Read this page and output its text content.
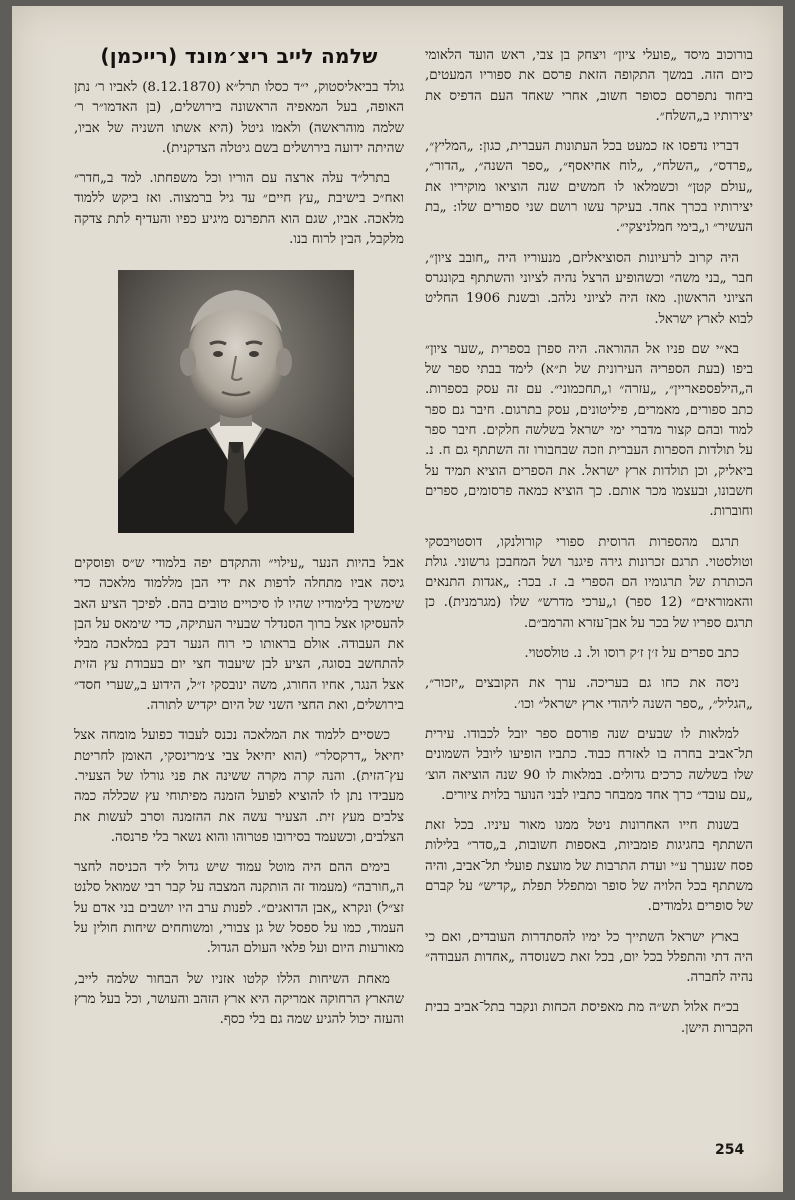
שלמה לייב ריצ׳מונד (רייכמן)	בורוכוב מיסד „פועלי ציון״ ויצחק בן צבי, ראש הועד הלאומי כיום הזה. במשך התקופה הזאת פרסם את ספוריו המעטים, ביחוד נתפרסם כסופר חשוב, אחרי שאחד העם הדפיס את יצירותיו ב„השלח״.

דבריו נדפסו אז כמעט בכל העתונות העברית, כגון: „המליץ״, „פרדס״, „השלח״, „לוח אחיאסף״, „ספר השנה״, „הדור״, „עולם קטן״ וכשמלאו לו חמשים שנה הוציאו מוקיריו את יצירותיו בכרך אחד. בעיקר עשו רושם שני ספורים שלו: „בת העשיר״ ו„בימי חמלניצקי״.

היה קרוב לרעיונות הסוציאליזם, מנעוריו היה „חובב ציון״, חבר „בני משה״ וכשהופיע הרצל נהיה לציוני והשתתף בקונגרס הציוני הראשון. מאז היה לציוני נלהב. ובשנת 1906 החליט לבוא לארץ ישראל.

בא״י שם פניו אל ההוראה. היה ספרן בספרית „שער ציון״ ביפו (בעת הספריה העירונית של ת״א) לימד בבתי ספר של ה„הילפספאריין״, „עזרה״ ו„תחכמוני״. עם זה עסק בספרות. כתב ספורים, מאמרים, פיליטונים, עסק בתרגום. חיבר גם ספר למוד ובהם קצור מדברי ימי ישראל בשלשה חלקים. חיבר ספר על תולדות הספרות העברית וזכה שבחבורו זה השתתף גם ח. נ. ביאליק, וכן תולדות ארץ ישראל. את הספרים הוציא תמיד על חשבונו, ובעצמו מכר אותם. כך הוציא כמאה פרסומים, ספרים וחוברות.

תרגם מהספרות הרוסית ספורי קורולנקו, דוסטויבסקי וטולסטוי. תרגם זכרונות גירה פיגנר ושל המחבכן גרשוני. גולת הכותרת של תרגומיו הם הספרי ב. ז. בכר: „אגדות התנאים והאמוראים״ (12 ספר) ו„ערכי מדרש״ שלו (מגרמנית). כן תרגם ספריו של בכר על אבן־עזרא והרמב״ם.

כתב ספרים על ז׳ן ז׳ק רוסו ול. נ. טולסטוי.

ניסה את כחו גם בעריכה. ערך את הקובצים „יזכור״, „הגליל״, „ספר השנה ליהודי ארץ ישראל״ וכו׳.

למלאות לו שבעים שנה פורסם ספר יובל לכבודו. עירית תל־אביב בחרה בו לאזרח כבוד. כתביו הופיעו ליובל השמונים שלו בשלשה כרכים גדולים. במלאות לו 90 שנה הוציאה הוצ׳ „עם עובד״ כרך אחד ממבחר כתביו לבני הנוער בלוית ציורים.

בשנות חייו האחרונות ניטל ממנו מאור עיניו. בכל זאת השתתף בחגיגות פומביות, באספות חשובות, ב„סדר״ בלילות פסח שנערך ע״י ועדת התרבות של מועצת פועלי תל־אביב, והיה משתתף בכל הלויה של סופר ומתפלל תפלת „קדיש״ על קברם של סופרים גלמודים.

בארץ ישראל השתייך כל ימיו להסתדרות העובדים, ואם כי היה דתי והתפלל בכל יום, בכל זאת כשנוסדה „אחדות העבודה״ נהיה לחברה.

בכ״ח אלול תש״ה מת מאפיסת הכחות ונקבר בתל־אביב בבית הקברות הישן.

גולד בביאליסטוק, י״ד כסלו תרל״א (8.12.1870) לאביו ר׳ נתן האופה, בעל המאפיה הראשונה בירושלים, (בן האדמו״ר ר׳ שלמה מוהראשה) ולאמו גיטל (היא אשתו השניה של אביו, שהיתה ידועה בירושלים בשם גיטלה הצדקנית).

בתרל״ד עלה ארצה עם הוריו וכל משפחתו. למד ב„חדר״ ואח״כ בישיבת „עץ חיים״ עד גיל ברמצוה. ואז ביקש ללמוד מלאכה. אביו, שגם הוא התפרנס מיגיע כפיו והעדיף לתת צדקה מלקבל, הבין לרוח בנו.

אבל בהיות הנער „עילוי״ והתקדם יפה בלמודי ש״ס ופוסקים גיסה אביו מתחלה לרפות את ידי הבן מללמוד מלאכה כדי שימשיך בלימודיו שהיו לו סיכויים טובים בהם. לפיכך הציע האב להעסיקו אצל ברוך הסנדלר שבעיר העתיקה, כדי שימאס על הבן את העבודה. אולם בראותו כי רוח הנער דבק במלאכה מבלי להתחשב בסוגה, הציע לבן שיעבוד חצי יום בעבודת עץ הזית אצל הנגר, אחיו החורג, משה ינובסקי ז״ל, הידוע ב„שערי חסד״ בירושלים, ואת החצי השני של היום יקדיש לתורה.

כשסיים ללמוד את המלאכה נכנס לעבוד כפועל מומחה אצל יחיאל „דרקסלר״ (הוא יחיאל צבי צ׳מרינסקי, האומן לחריטת עץ־הזית). והנה קרה מקרה ששינה את פני גורלו של הצעיר. מעבידו נתן לו להוציא לפועל הזמנה מפיתוחי עץ שכללה כמה צלבים מעץ זית. הצעיר עשה את ההזמנה וסרב לעשות את הצלבים, וכשעמד בסירובו פטרוהו והוא נשאר בלי פרנסה.

בימים ההם היה מוטל עמוד שיש גדול ליד הכניסה לחצר ה„חורבה״ (מעמוד זה הותקנה המצבה על קבר רבי שמואל סלנט זצ״ל) ונקרא „אבן הדואגים״. לפנות ערב היו יושבים בני אדם על העמוד, כמו על ספסל של גן צבורי, ומשוחחים שיחות חולין על מאורעות היום ועל פלאי העולם הגדול.

מאחת השיחות הללו קלטו אזניו של הבחור שלמה לייב, שהארץ הרחוקה אמריקה היא ארץ הזהב והעושר, וכל בעל מרץ והעזה יכול להגיע שמה גם בלי כסף.

254
